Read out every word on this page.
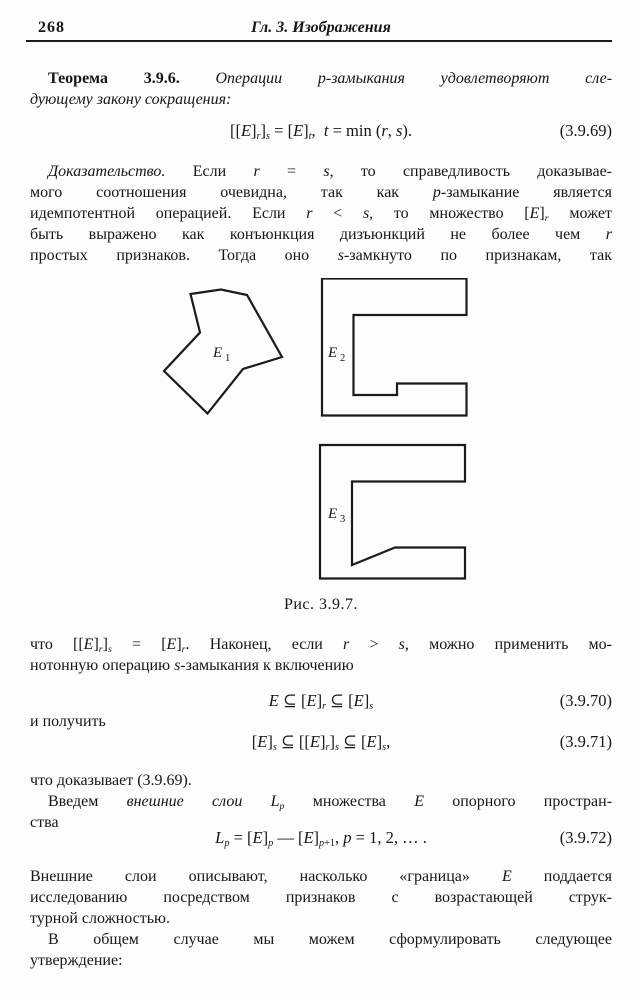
268	Гл. 3. Изображения
Теорема 3.9.6. Операции p-замыкания удовлетворяют сле-
дующему закону сокращения:
$[[E]_r]_s = [E]_t$,  t = min (r, s).	(3.9.69)
Доказательство. Если r = s, то справедливость доказывае-
мого соотношения очевидна, так как p-замыкание является
идемпотентной операцией. Если r < s, то множество $[E]_r$ может
быть выражено как конъюнкция дизъюнкций не более чем r
простых признаков. Тогда оно s-замкнуто по признакам, так
E 1	E 2
E 3
Рис. 3.9.7.
что $[[E]_r]_s = [E]_r$. Наконец, если r > s, можно применить мо-
нотонную операцию s-замыкания к включению
E ⊆ $[E]_r$ ⊆ $[E]_s$	(3.9.70)
и получить
$[E]_s$ ⊆ $[[E]_r]_s$ ⊆ $[E]_s$,	(3.9.71)
что доказывает (3.9.69).
Введем внешние слои $L_p$ множества E опорного простран-
ства
$L_p = [E]_p$ — $[E]_{p+1}$, p = 1, 2, … .	(3.9.72)
Внешние слои описывают, насколько «граница» E поддается
исследованию посредством признаков с возрастающей струк-
турной сложностью.
В общем случае мы можем сформулировать следующее
утверждение:
